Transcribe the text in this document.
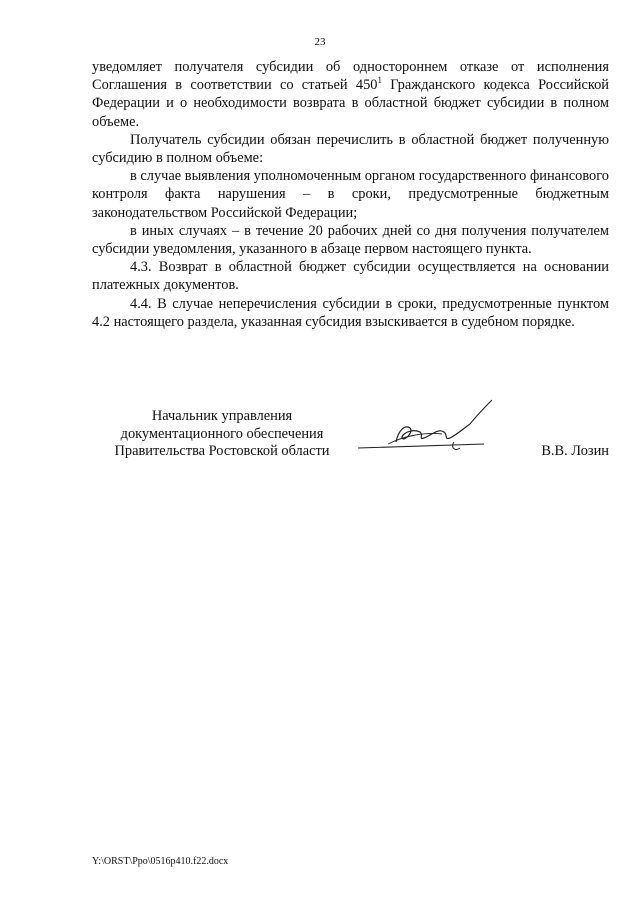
23

уведомляет получателя субсидии об одностороннем отказе от исполнения Соглашения в соответствии со статьей $450^1$ Гражданского кодекса Российской Федерации и о необходимости возврата в областной бюджет субсидии в полном объеме.

Получатель субсидии обязан перечислить в областной бюджет полученную субсидию в полном объеме:

в случае выявления уполномоченным органом государственного финансового контроля факта нарушения – в сроки, предусмотренные бюджетным законодательством Российской Федерации;

в иных случаях – в течение 20 рабочих дней со дня получения получателем субсидии уведомления, указанного в абзаце первом настоящего пункта.

4.3. Возврат в областной бюджет субсидии осуществляется на основании платежных документов.

4.4. В случае неперечисления субсидии в сроки, предусмотренные пунктом 4.2 настоящего раздела, указанная субсидия взыскивается в судебном порядке.

Начальник управления
документационного обеспечения
Правительства Ростовской области	В.В. Лозин
Y:\ORST\Ppo\0516p410.f22.docx
